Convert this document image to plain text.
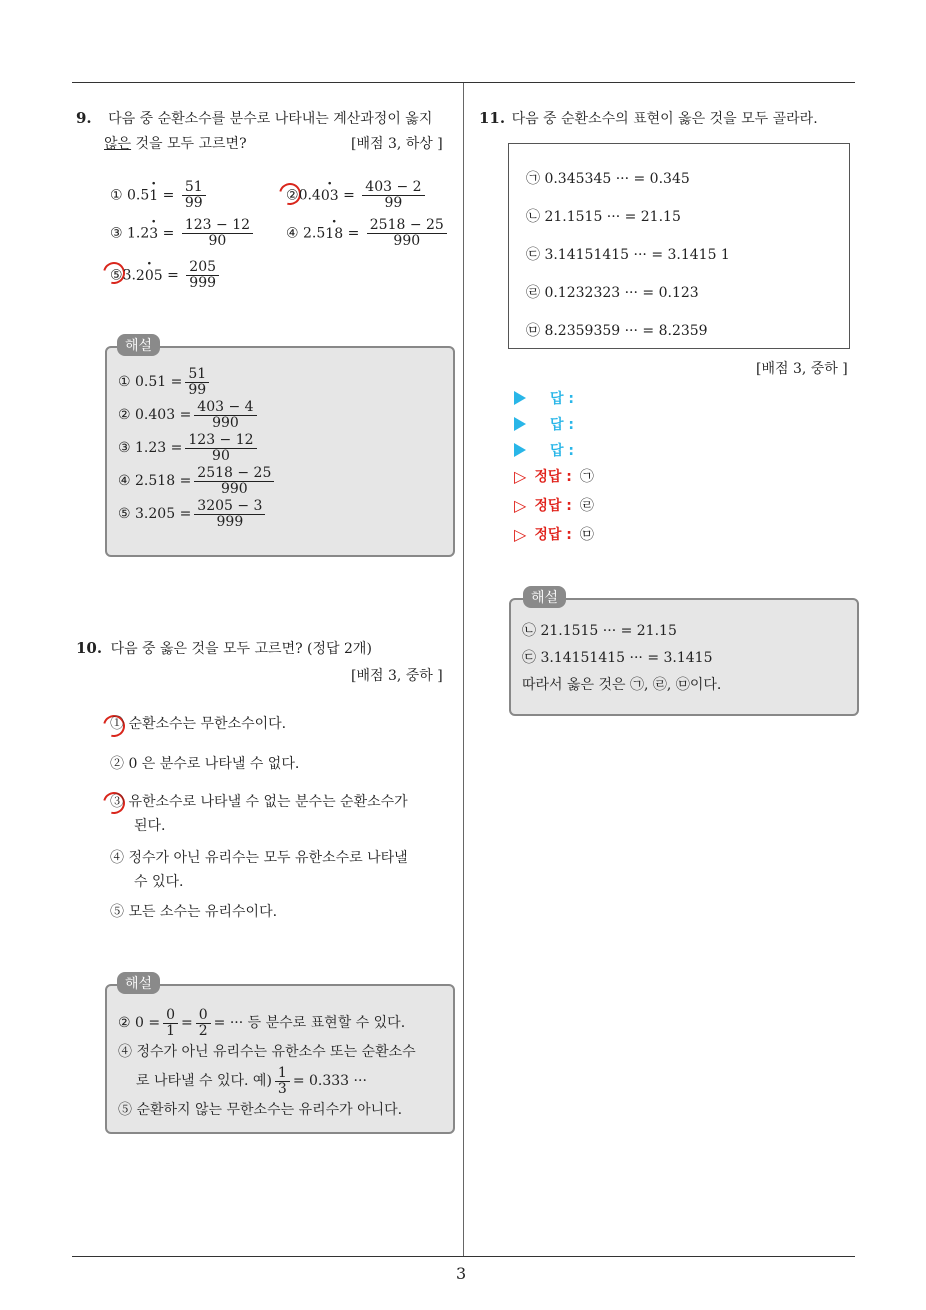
3
9. 다음 중 순환소수를 분수로 나타내는 계산과정이 옳지
않은 것을 모두 고르면?	[배점 3, 하상 ]
① $0.5\cdot 1 = \frac{51}{99}$	②0.4· $03 = \frac{403 - 2}{99}$
③ $1.2\cdot 3 = \frac{123 - 12}{90}$ ④ $2.5\cdot 18 = \frac{2518 - 25}{990}$
⑤3.· $205 = \frac{205}{999}$
해설
① $0.51 = \frac{51}{99}$
② $0.403 = \frac{403 - 4}{990}$
③ $1.23 = \frac{123 - 12}{90}$
④ $2.518 = \frac{2518 - 25}{990}$
⑤ $3.205 = \frac{3205 - 3}{999}$
10. 다음 중 옳은 것을 모두 고르면? (정답 2개)
[배점 3, 중하 ]
① 순환소수는 무한소수이다.
② 0 은 분수로 나타낼 수 없다.
③ 유한소수로 나타낼 수 없는 분수는 순환소수가
된다.
④ 정수가 아닌 유리수는 모두 유한소수로 나타낼
수 있다.
⑤ 모든 소수는 유리수이다.
해설
② $0 = \frac{0}{1} = \frac{0}{2}$ = ··· 등 분수로 표현할 수 있다.
④ 정수가 아닌 유리수는 유한소수 또는 순환소수
로 나타낼 수 있다. 예) $\frac{1}{3} = 0.333$ ···
⑤ 순환하지 않는 무한소수는 유리수가 아니다.
11. 다음 중 순환소수의 표현이 옳은 것을 모두 골라라.
㉠ 0.345345 ··· = 0.345
㉡ 21.1515 ··· = 21.15
㉢ 3.14151415 ··· = 3.1415 1
㉣ 0.1232323 ··· = 0.123
㉤ 8.2359359 ··· = 8.2359
[배점 3, 중하 ]
답 :
답 :
답 :
▷ 정답 : ㉠
▷ 정답 : ㉣
▷ 정답 : ㉤
해설
㉡ 21.1515 ··· = 21.15
㉢ 3.14151415 ··· = 3.1415
따라서 옳은 것은 ㉠, ㉣, ㉤이다.
